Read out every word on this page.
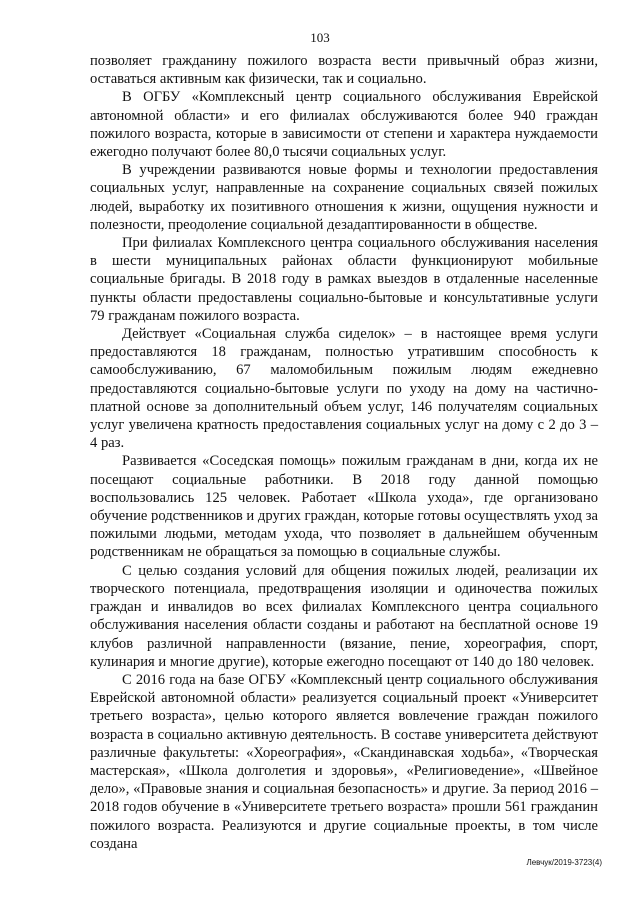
103

позволяет гражданину пожилого возраста вести привычный образ жизни, оставаться активным как физически, так и социально.

В ОГБУ «Комплексный центр социального обслуживания Еврейской автономной области» и его филиалах обслуживаются более 940 граждан пожилого возраста, которые в зависимости от степени и характера нуждаемости ежегодно получают более 80,0 тысячи социальных услуг.

В учреждении развиваются новые формы и технологии предоставления социальных услуг, направленные на сохранение социальных связей пожилых людей, выработку их позитивного отношения к жизни, ощущения нужности и полезности, преодоление социальной дезадаптированности в обществе.

При филиалах Комплексного центра социального обслуживания населения в шести муниципальных районах области функционируют мобильные социальные бригады. В 2018 году в рамках выездов в отдаленные населенные пункты области предоставлены социально-бытовые и консультативные услуги 79 гражданам пожилого возраста.

Действует «Социальная служба сиделок» – в настоящее время услуги предоставляются 18 гражданам, полностью утратившим способность к самообслуживанию, 67 маломобильным пожилым людям ежедневно предоставляются социально-бытовые услуги по уходу на дому на частично-платной основе за дополнительный объем услуг, 146 получателям социальных услуг увеличена кратность предоставления социальных услуг на дому с 2 до 3 – 4 раз.

Развивается «Соседская помощь» пожилым гражданам в дни, когда их не посещают социальные работники. В 2018 году данной помощью воспользовались 125 человек. Работает «Школа ухода», где организовано обучение родственников и других граждан, которые готовы осуществлять уход за пожилыми людьми, методам ухода, что позволяет в дальнейшем обученным родственникам не обращаться за помощью в социальные службы.

С целью создания условий для общения пожилых людей, реализации их творческого потенциала, предотвращения изоляции и одиночества пожилых граждан и инвалидов во всех филиалах Комплексного центра социального обслуживания населения области созданы и работают на бесплатной основе 19 клубов различной направленности (вязание, пение, хореография, спорт, кулинария и многие другие), которые ежегодно посещают от 140 до 180 человек.

С 2016 года на базе ОГБУ «Комплексный центр социального обслуживания Еврейской автономной области» реализуется социальный проект «Университет третьего возраста», целью которого является вовлечение граждан пожилого возраста в социально активную деятельность. В составе университета действуют различные факультеты: «Хореография», «Скандинавская ходьба», «Творческая мастерская», «Школа долголетия и здоровья», «Религиоведение», «Швейное дело», «Правовые знания и социальная безопасность» и другие. За период 2016 – 2018 годов обучение в «Университете третьего возраста» прошли 561 гражданин пожилого возраста. Реализуются и другие социальные проекты, в том числе создана

Левчук/2019-3723(4)
